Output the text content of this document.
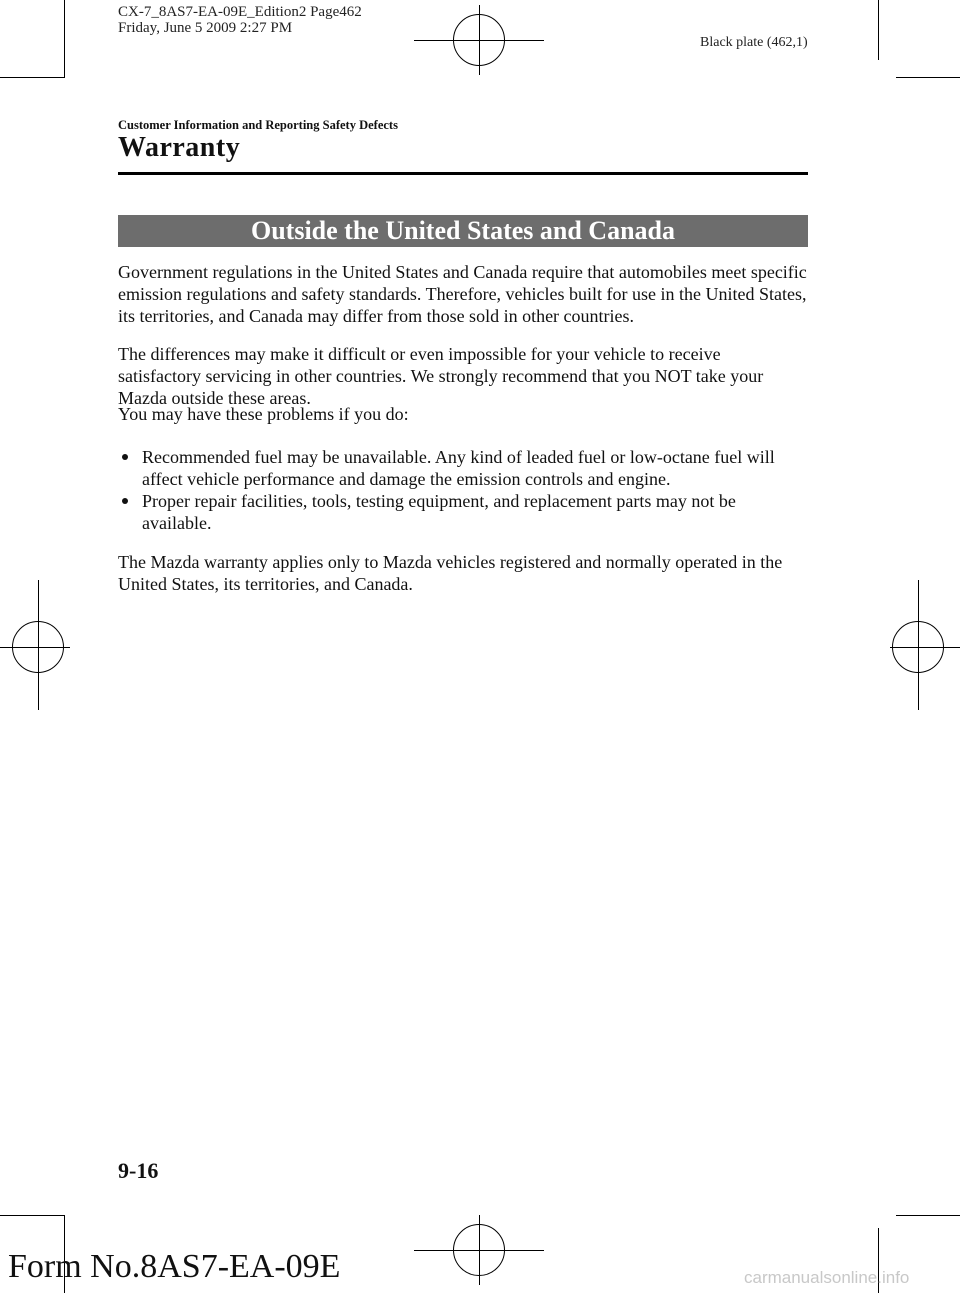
CX-7_8AS7-EA-09E_Edition2 Page462
Friday, June 5 2009 2:27 PM
Black plate (462,1)
Customer Information and Reporting Safety Defects
Warranty
Outside the United States and Canada
Government regulations in the United States and Canada require that automobiles meet specific emission regulations and safety standards. Therefore, vehicles built for use in the United States, its territories, and Canada may differ from those sold in other countries.
The differences may make it difficult or even impossible for your vehicle to receive satisfactory servicing in other countries. We strongly recommend that you NOT take your Mazda outside these areas.
You may have these problems if you do:
Recommended fuel may be unavailable. Any kind of leaded fuel or low-octane fuel will affect vehicle performance and damage the emission controls and engine.
Proper repair facilities, tools, testing equipment, and replacement parts may not be available.
The Mazda warranty applies only to Mazda vehicles registered and normally operated in the United States, its territories, and Canada.
9-16
Form No.8AS7-EA-09E	carmanualsonline.info
